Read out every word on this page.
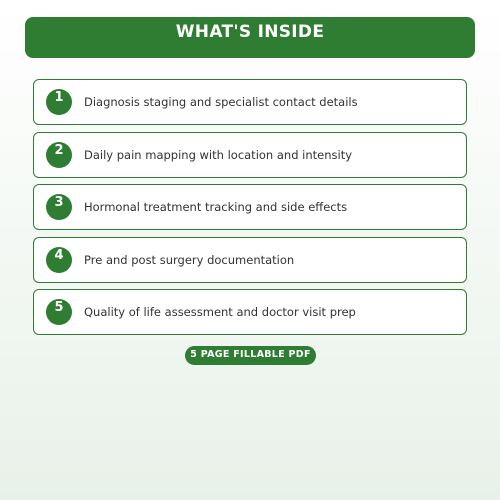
WHAT'S INSIDE
1	Diagnosis staging and specialist contact details
2	Daily pain mapping with location and intensity
3	Hormonal treatment tracking and side effects
4	Pre and post surgery documentation
5	Quality of life assessment and doctor visit prep
5 PAGE FILLABLE PDF
